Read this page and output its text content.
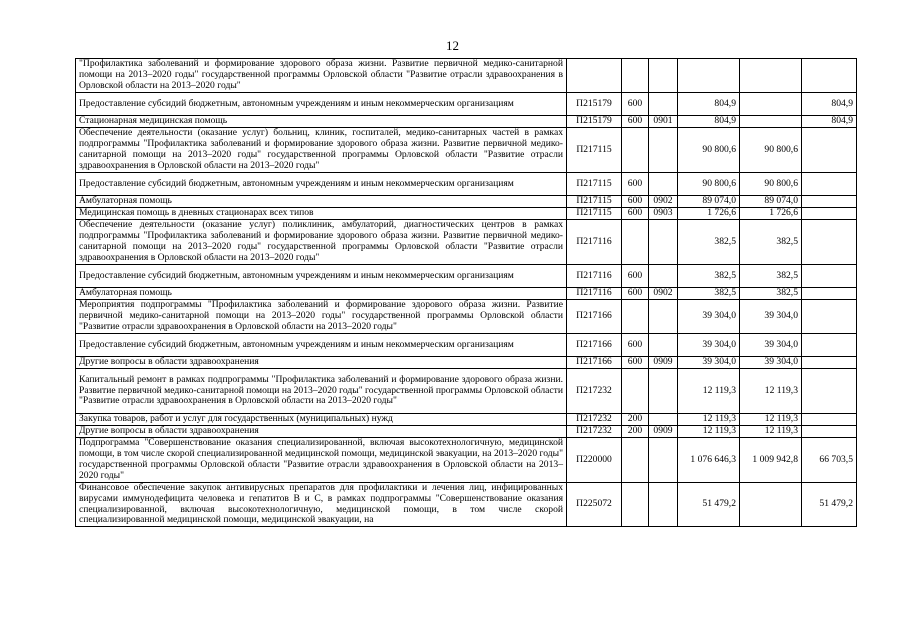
12
"Профилактика заболеваний и формирование здорового образа жизни. Развитие первичной медико-санитарной помощи на 2013–2020 годы" государственной программы Орловской области "Развитие отрасли здравоохранения в Орловской области на 2013–2020 годы"						
Предоставление субсидий бюджетным, автономным учреждениям и иным некоммерческим организациям	П215179	600		804,9		804,9
Стационарная медицинская помощь	П215179	600	0901	804,9		804,9
Обеспечение деятельности (оказание услуг) больниц, клиник, госпиталей, медико-санитарных частей в рамках подпрограммы "Профилактика заболеваний и формирование здорового образа жизни. Развитие первичной медико-санитарной помощи на 2013–2020 годы" государственной программы Орловской области "Развитие отрасли здравоохранения в Орловской области на 2013–2020 годы"	П217115			90 800,6	90 800,6	
Предоставление субсидий бюджетным, автономным учреждениям и иным некоммерческим организациям	П217115	600		90 800,6	90 800,6	
Амбулаторная помощь	П217115	600	0902	89 074,0	89 074,0	
Медицинская помощь в дневных стационарах всех типов	П217115	600	0903	1 726,6	1 726,6	
Обеспечение деятельности (оказание услуг) поликлиник, амбулаторий, диагностических центров в рамках подпрограммы "Профилактика заболеваний и формирование здорового образа жизни. Развитие первичной медико-санитарной помощи на 2013–2020 годы" государственной программы Орловской области "Развитие отрасли здравоохранения в Орловской области на 2013–2020 годы"	П217116			382,5	382,5	
Предоставление субсидий бюджетным, автономным учреждениям и иным некоммерческим организациям	П217116	600		382,5	382,5	
Амбулаторная помощь	П217116	600	0902	382,5	382,5	
Мероприятия подпрограммы "Профилактика заболеваний и формирование здорового образа жизни. Развитие первичной медико-санитарной помощи на 2013–2020 годы" государственной программы Орловской области "Развитие отрасли здравоохранения в Орловской области на 2013–2020 годы"	П217166			39 304,0	39 304,0	
Предоставление субсидий бюджетным, автономным учреждениям и иным некоммерческим организациям	П217166	600		39 304,0	39 304,0	
Другие вопросы в области здравоохранения	П217166	600	0909	39 304,0	39 304,0	
Капитальный ремонт в рамках подпрограммы "Профилактика заболеваний и формирование здорового образа жизни. Развитие первичной медико-санитарной помощи на 2013–2020 годы" государственной программы Орловской области "Развитие отрасли здравоохранения в Орловской области на 2013–2020 годы"	П217232			12 119,3	12 119,3	
Закупка товаров, работ и услуг для государственных (муниципальных) нужд	П217232	200		12 119,3	12 119,3	
Другие вопросы в области здравоохранения	П217232	200	0909	12 119,3	12 119,3	
Подпрограмма "Совершенствование оказания специализированной, включая высокотехнологичную, медицинской помощи, в том числе скорой специализированной медицинской помощи, медицинской эвакуации, на 2013–2020 годы" государственной программы Орловской области "Развитие отрасли здравоохранения в Орловской области на 2013–2020 годы"	П220000			1 076 646,3	1 009 942,8	66 703,5
Финансовое обеспечение закупок антивирусных препаратов для профилактики и лечения лиц, инфицированных вирусами иммунодефицита человека и гепатитов B и C, в рамках подпрограммы "Совершенствование оказания специализированной, включая высокотехнологичную, медицинской помощи, в том числе скорой специализированной медицинской помощи, медицинской эвакуации, на	П225072			51 479,2		51 479,2
